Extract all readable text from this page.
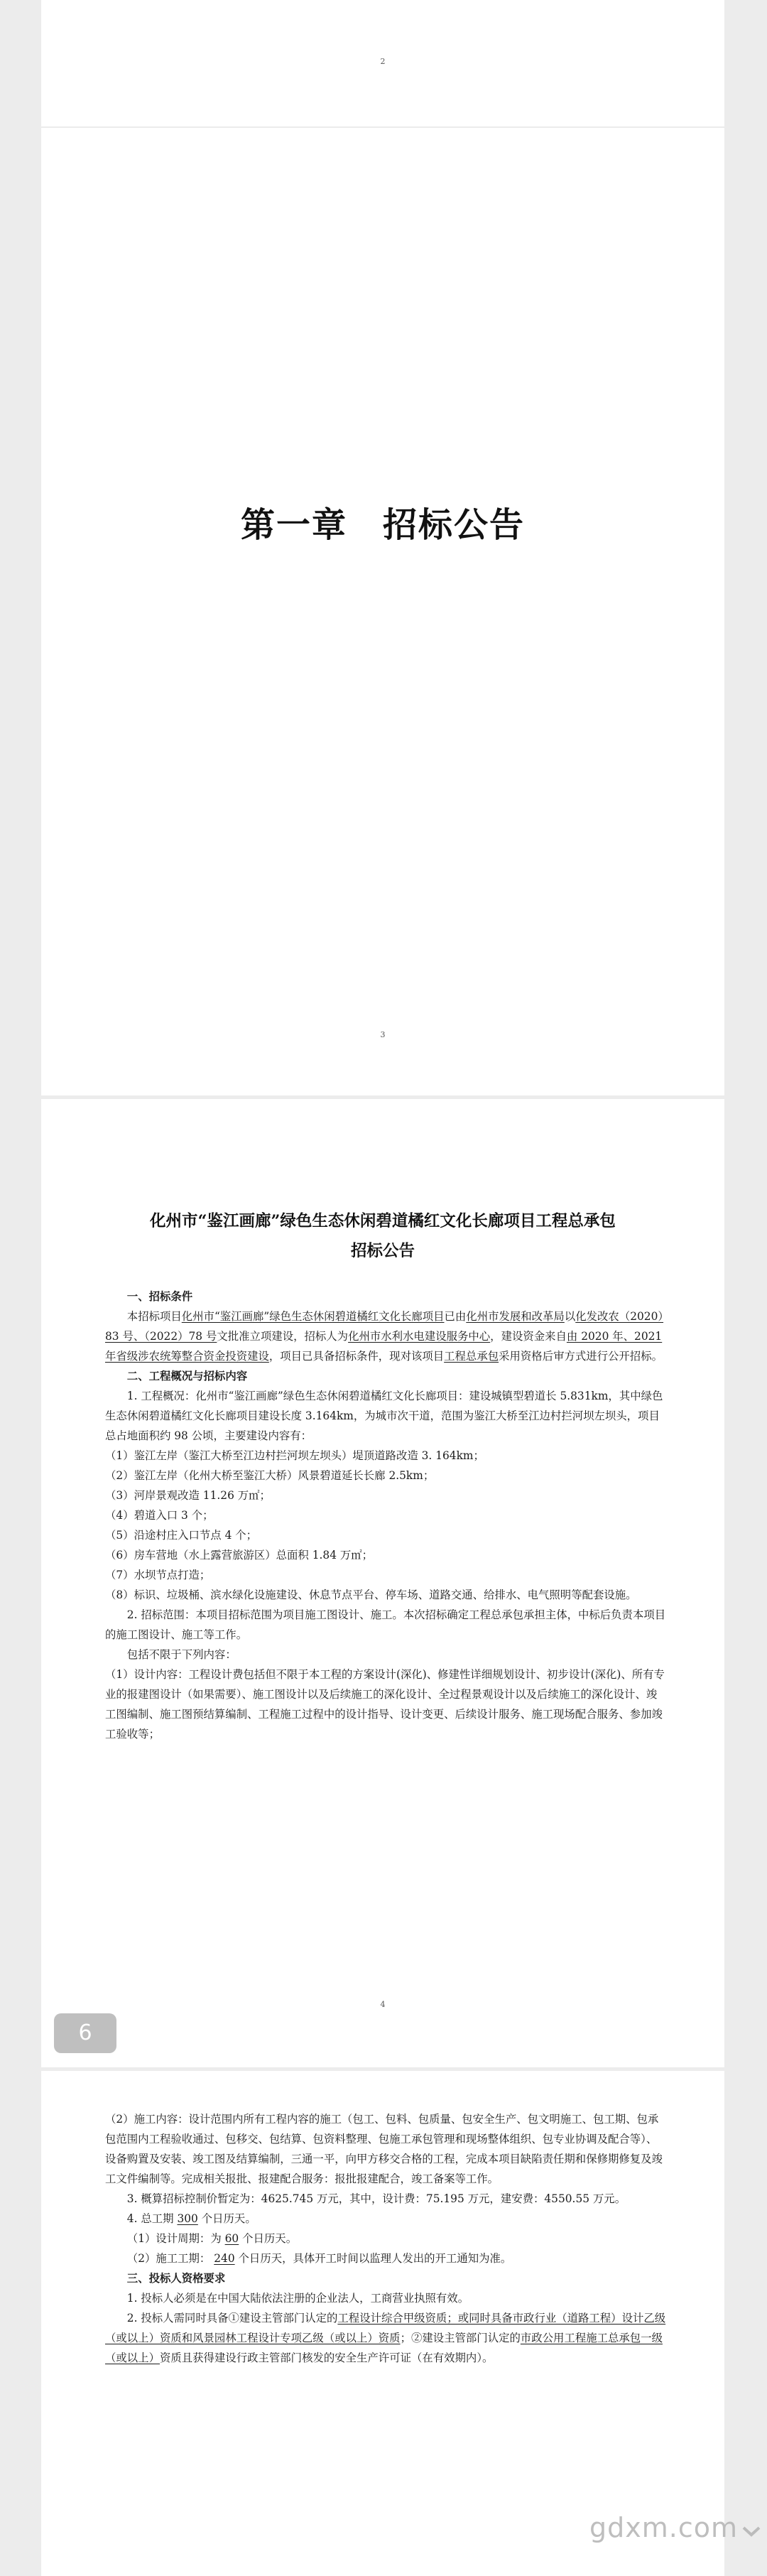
2
第一章　招标公告
3
化州市“鉴江画廊”绿色生态休闲碧道橘红文化长廊项目工程总承包
招标公告

一、招标条件

本招标项目化州市“鉴江画廊”绿色生态休闲碧道橘红文化长廊项目已由化州市发展和改革局以化发改农（2020）83 号、（2022）78 号文批准立项建设，招标人为化州市水利水电建设服务中心，建设资金来自由 2020 年、2021 年省级涉农统筹整合资金投资建设，项目已具备招标条件，现对该项目工程总承包采用资格后审方式进行公开招标。

二、工程概况与招标内容

1. 工程概况：化州市“鉴江画廊”绿色生态休闲碧道橘红文化长廊项目：建设城镇型碧道长 5.831km，其中绿色生态休闲碧道橘红文化长廊项目建设长度 3.164km，为城市次干道，范围为鉴江大桥至江边村拦河坝左坝头，项目总占地面积约 98 公顷，主要建设内容有：

（1）鉴江左岸（鉴江大桥至江边村拦河坝左坝头）堤顶道路改造 3. 164km；

（2）鉴江左岸（化州大桥至鉴江大桥）风景碧道延长长廊 2.5km；

（3）河岸景观改造 11.26 万㎡；

（4）碧道入口 3 个；

（5）沿途村庄入口节点 4 个；

（6）房车营地（水上露营旅游区）总面积 1.84 万㎡；

（7）水坝节点打造；

（8）标识、垃圾桶、滨水绿化设施建设、休息节点平台、停车场、道路交通、给排水、电气照明等配套设施。

2. 招标范围：本项目招标范围为项目施工图设计、施工。本次招标确定工程总承包承担主体，中标后负责本项目的施工图设计、施工等工作。

包括不限于下列内容：

（1）设计内容：工程设计费包括但不限于本工程的方案设计(深化)、修建性详细规划设计、初步设计(深化)、所有专业的报建图设计（如果需要）、施工图设计以及后续施工的深化设计、全过程景观设计以及后续施工的深化设计、竣工图编制、施工图预结算编制、工程施工过程中的设计指导、设计变更、后续设计服务、施工现场配合服务、参加竣工验收等；

4
6

（2）施工内容：设计范围内所有工程内容的施工（包工、包料、包质量、包安全生产、包文明施工、包工期、包承包范围内工程验收通过、包移交、包结算、包资料整理、包施工承包管理和现场整体组织、包专业协调及配合等）、设备购置及安装、竣工图及结算编制，三通一平，向甲方移交合格的工程，完成本项目缺陷责任期和保修期修复及竣工文件编制等。完成相关报批、报建配合服务：报批报建配合，竣工备案等工作。

3. 概算招标控制价暂定为：4625.745 万元，其中，设计费：75.195 万元，建安费：4550.55 万元。

4. 总工期 300 个日历天。

（1）设计周期：为 60 个日历天。

（2）施工工期： 240 个日历天，具体开工时间以监理人发出的开工通知为准。

三、投标人资格要求

1. 投标人必须是在中国大陆依法注册的企业法人，工商营业执照有效。

2. 投标人需同时具备①建设主管部门认定的工程设计综合甲级资质；或同时具备市政行业（道路工程）设计乙级（或以上）资质和风景园林工程设计专项乙级（或以上）资质；②建设主管部门认定的市政公用工程施工总承包一级（或以上）资质且获得建设行政主管部门核发的安全生产许可证（在有效期内）。

gdxm.com
